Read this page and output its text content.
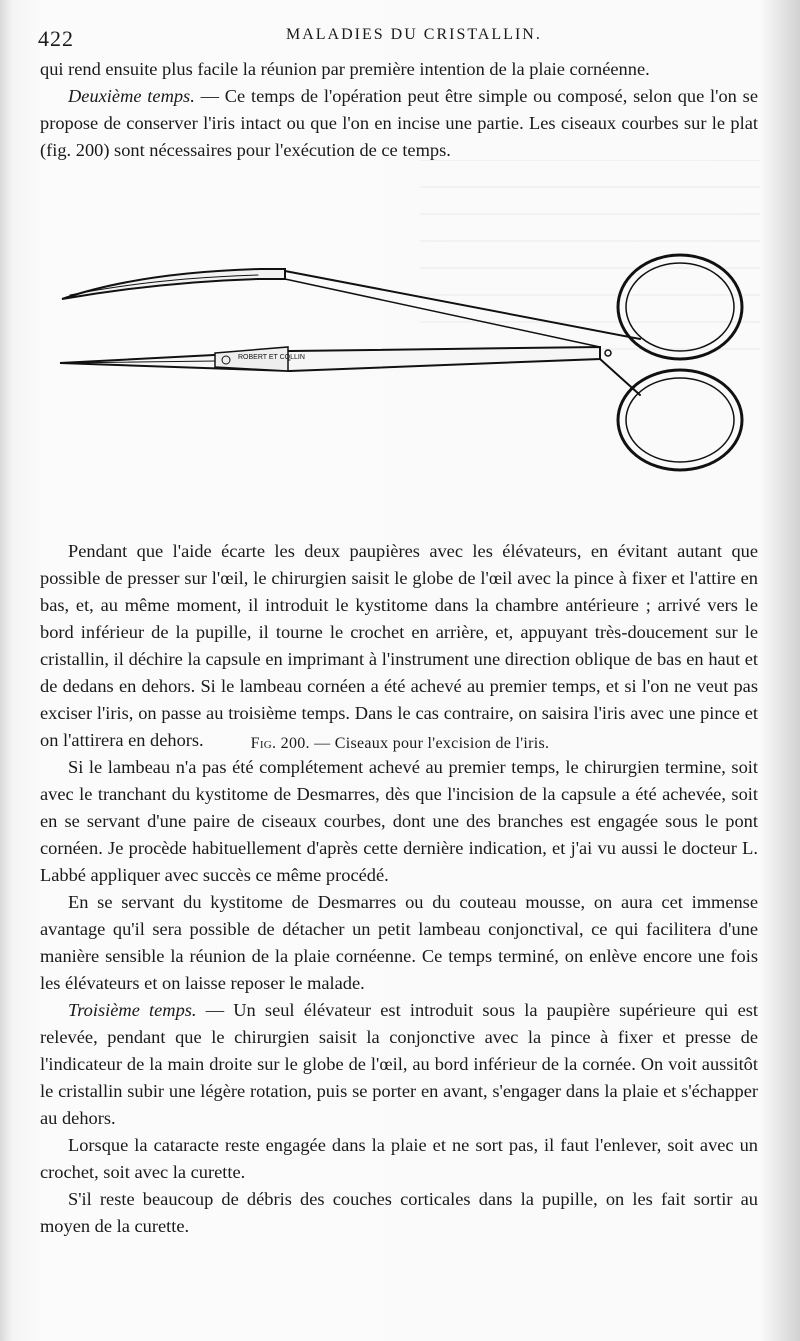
422	MALADIES DU CRISTALLIN.

qui rend ensuite plus facile la réunion par première intention de la plaie cornéenne.

Deuxième temps. — Ce temps de l'opération peut être simple ou composé, selon que l'on se propose de conserver l'iris intact ou que l'on en incise une partie. Les ciseaux courbes sur le plat (fig. 200) sont nécessaires pour l'exécution de ce temps.

ROBERT ET COLLIN
Fig. 200. — Ciseaux pour l'excision de l'iris.

Pendant que l'aide écarte les deux paupières avec les élévateurs, en évitant autant que possible de presser sur l'œil, le chirurgien saisit le globe de l'œil avec la pince à fixer et l'attire en bas, et, au même moment, il introduit le kystitome dans la chambre antérieure ; arrivé vers le bord inférieur de la pupille, il tourne le crochet en arrière, et, appuyant très-doucement sur le cristallin, il déchire la capsule en imprimant à l'instrument une direction oblique de bas en haut et de dedans en dehors. Si le lambeau cornéen a été achevé au premier temps, et si l'on ne veut pas exciser l'iris, on passe au troisième temps. Dans le cas contraire, on saisira l'iris avec une pince et on l'attirera en dehors.

Si le lambeau n'a pas été complétement achevé au premier temps, le chirurgien termine, soit avec le tranchant du kystitome de Desmarres, dès que l'incision de la capsule a été achevée, soit en se servant d'une paire de ciseaux courbes, dont une des branches est engagée sous le pont cornéen. Je procède habituellement d'après cette dernière indication, et j'ai vu aussi le docteur L. Labbé appliquer avec succès ce même procédé.

En se servant du kystitome de Desmarres ou du couteau mousse, on aura cet immense avantage qu'il sera possible de détacher un petit lambeau conjonctival, ce qui facilitera d'une manière sensible la réunion de la plaie cornéenne. Ce temps terminé, on enlève encore une fois les élévateurs et on laisse reposer le malade.

Troisième temps. — Un seul élévateur est introduit sous la paupière supérieure qui est relevée, pendant que le chirurgien saisit la conjonctive avec la pince à fixer et presse de l'indicateur de la main droite sur le globe de l'œil, au bord inférieur de la cornée. On voit aussitôt le cristallin subir une légère rotation, puis se porter en avant, s'engager dans la plaie et s'échapper au dehors.

Lorsque la cataracte reste engagée dans la plaie et ne sort pas, il faut l'enlever, soit avec un crochet, soit avec la curette.

S'il reste beaucoup de débris des couches corticales dans la pupille, on les fait sortir au moyen de la curette.
